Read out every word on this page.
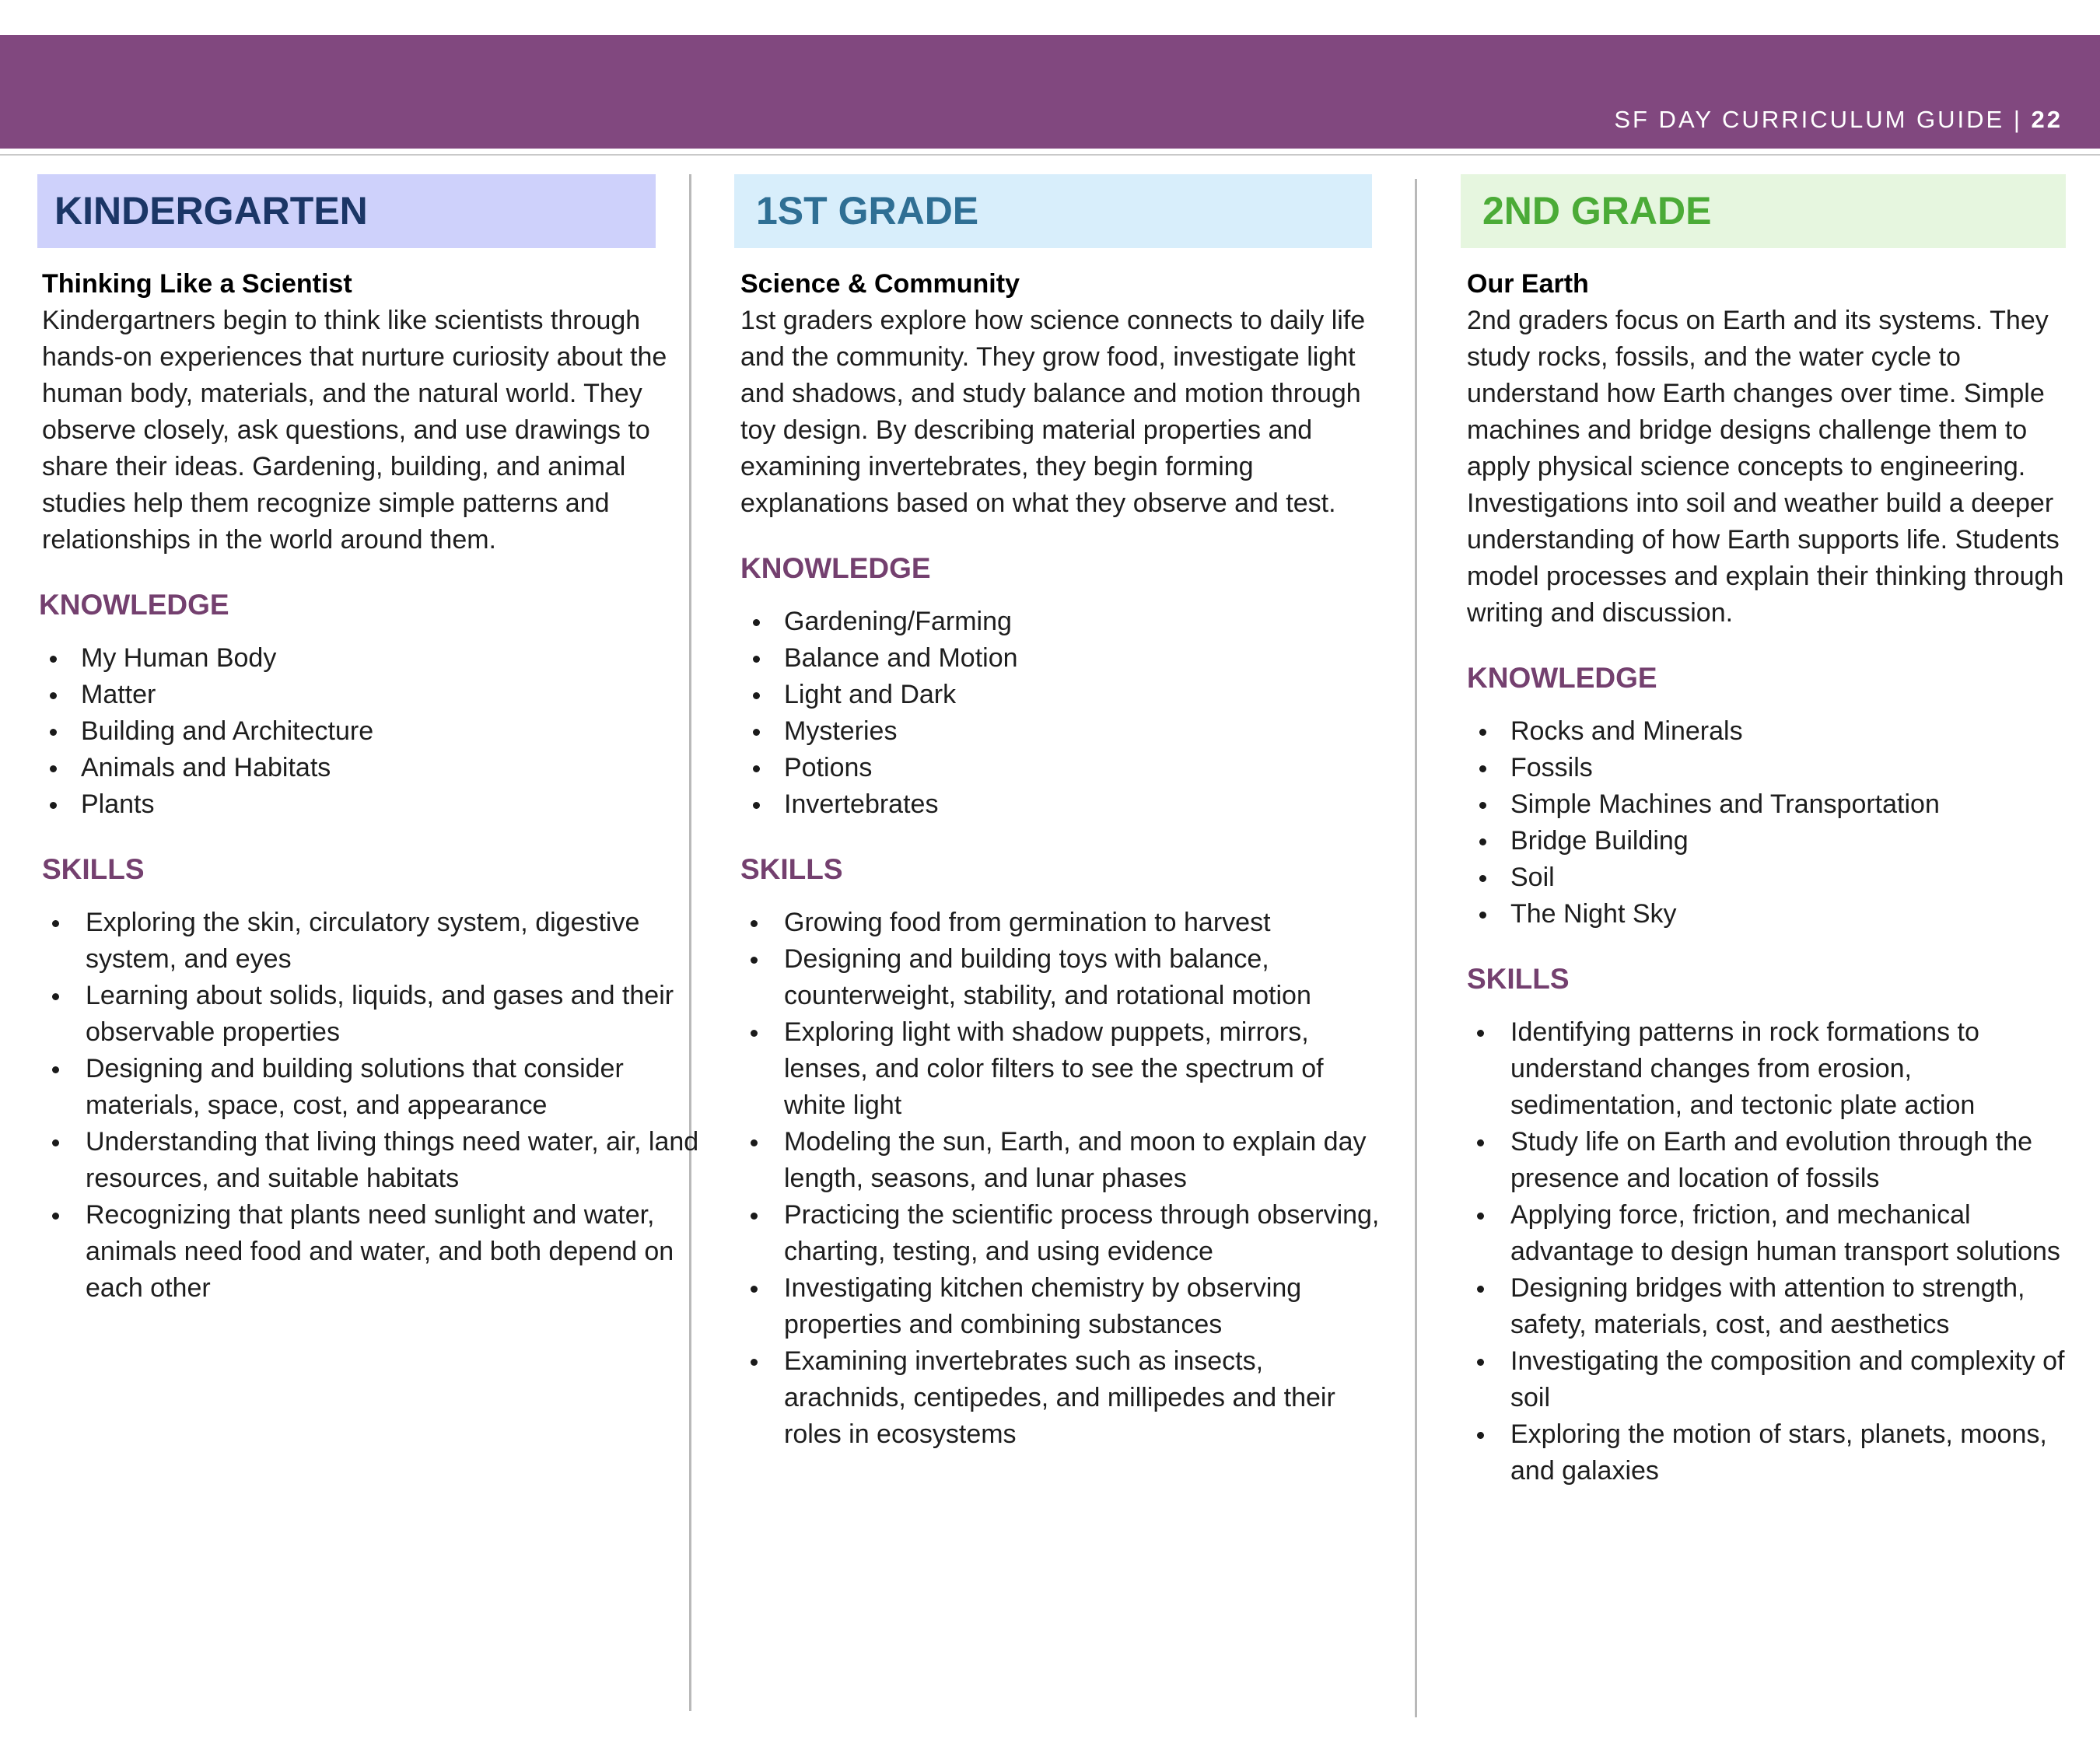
SF DAY CURRICULUM GUIDE | 22
KINDERGARTEN
Thinking Like a Scientist
Kindergartners begin to think like scientists through hands-on experiences that nurture curiosity about the human body, materials, and the natural world. They observe closely, ask questions, and use drawings to share their ideas. Gardening, building, and animal studies help them recognize simple patterns and relationships in the world around them.
KNOWLEDGE
My Human Body
Matter
Building and Architecture
Animals and Habitats
Plants
SKILLS
Exploring the skin, circulatory system, digestive system, and eyes
Learning about solids, liquids, and gases and their observable properties
Designing and building solutions that consider materials, space, cost, and appearance
Understanding that living things need water, air, land resources, and suitable habitats
Recognizing that plants need sunlight and water, animals need food and water, and both depend on each other
1ST GRADE
Science & Community
1st graders explore how science connects to daily life and the community. They grow food, investigate light and shadows, and study balance and motion through toy design. By describing material properties and examining invertebrates, they begin forming explanations based on what they observe and test.
KNOWLEDGE
Gardening/Farming
Balance and Motion
Light and Dark
Mysteries
Potions
Invertebrates
SKILLS
Growing food from germination to harvest
Designing and building toys with balance, counterweight, stability, and rotational motion
Exploring light with shadow puppets, mirrors, lenses, and color filters to see the spectrum of white light
Modeling the sun, Earth, and moon to explain day length, seasons, and lunar phases
Practicing the scientific process through observing, charting, testing, and using evidence
Investigating kitchen chemistry by observing properties and combining substances
Examining invertebrates such as insects, arachnids, centipedes, and millipedes and their roles in ecosystems
2ND GRADE
Our Earth
2nd graders focus on Earth and its systems. They study rocks, fossils, and the water cycle to understand how Earth changes over time. Simple machines and bridge designs challenge them to apply physical science concepts to engineering. Investigations into soil and weather build a deeper understanding of how Earth supports life. Students model processes and explain their thinking through writing and discussion.
KNOWLEDGE
Rocks and Minerals
Fossils
Simple Machines and Transportation
Bridge Building
Soil
The Night Sky
SKILLS
Identifying patterns in rock formations to understand changes from erosion, sedimentation, and tectonic plate action
Study life on Earth and evolution through the presence and location of fossils
Applying force, friction, and mechanical advantage to design human transport solutions
Designing bridges with attention to strength, safety, materials, cost, and aesthetics
Investigating the composition and complexity of soil
Exploring the motion of stars, planets, moons, and galaxies
